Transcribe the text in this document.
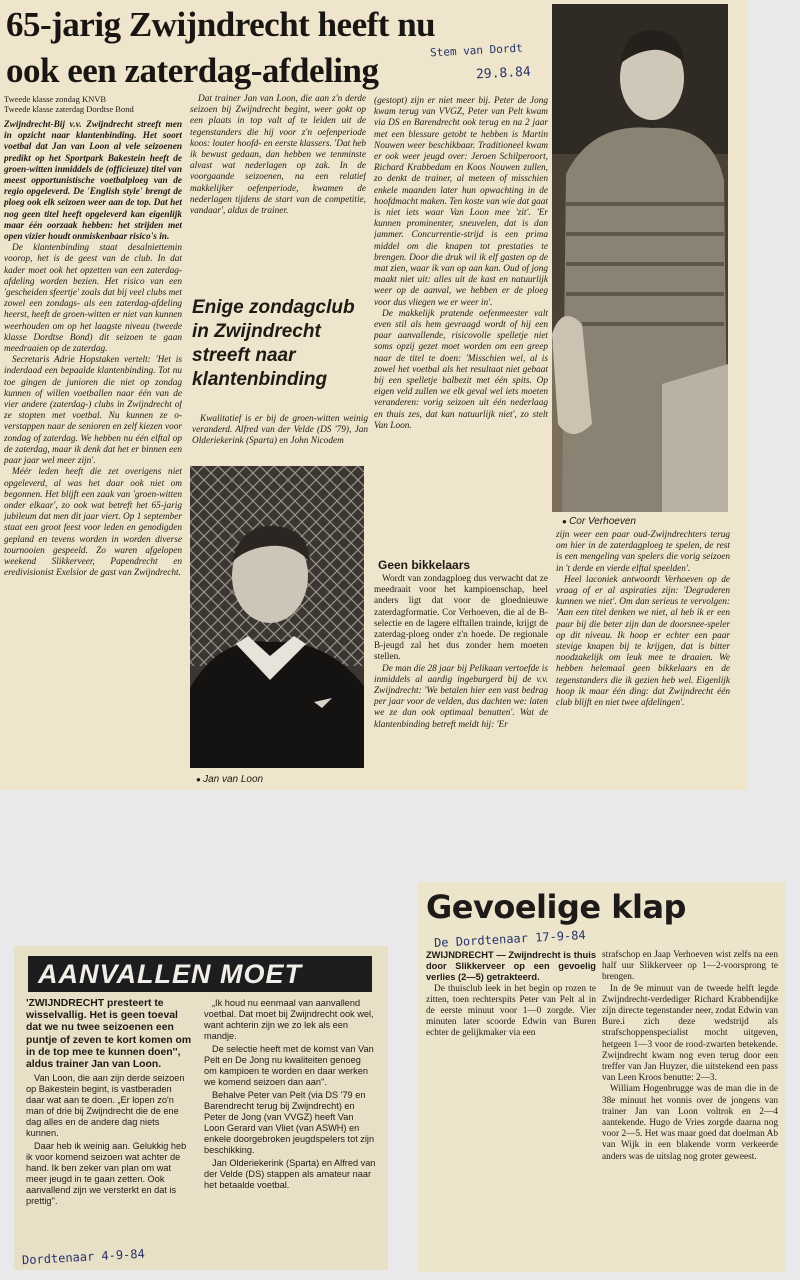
65-jarig Zwijndrecht heeft nu
ook een zaterdag-afdeling
Stem van Dordt
29.8.84
Tweede klasse zondag KNVB
Tweede klasse zaterdag Dordtse Bond

Zwijndrecht-Bij v.v. Zwijndrecht streeft men in opzicht naar klantenbinding. Het soort voetbal dat Jan van Loon al vele seizoenen predikt op het Sportpark Bakestein heeft de groen-witten inmiddels de (officieuze) titel van meest opportunistische voetbalploeg van de regio opgeleverd. De 'English style' brengt de ploeg ook elk seizoen weer aan de top. Dat het nog geen titel heeft opgeleverd kan eigenlijk maar één oorzaak hebben: het strijden met open vizier houdt onmiskenbaar risico's in.

De klantenbinding staat desalniettemin voorop, het is de geest van de club. In dat kader moet ook het opzetten van een zaterdag-afdeling worden bezien. Het risico van een 'gescheiden sfeertje' zoals dat bij veel clubs met zowel een zondags- als een zaterdag-afdeling heerst, heeft de groen-witten er niet van kunnen weerhouden om op het laagste niveau (tweede klasse Dordtse Bond) dit seizoen te gaan meedraaien op de zaterdag.

Secretaris Adrie Hopstaken vertelt: 'Het is inderdaad een bepaalde klantenbinding. Tot nu toe gingen de junioren die niet op zondag kunnen of willen voetballen naar één van de vier andere (zaterdag-) clubs in Zwijndrecht of ze stopten met voetbal. Nu kunnen ze o- verstappen naar de senioren en zelf kiezen voor zondag of zaterdag. We hebben nu één elftal op de zaterdag, maar ik denk dat het er binnen een paar jaar wel meer zijn'.

Méér leden heeft die zet overigens niet opgeleverd, al was het daar ook niet om begonnen. Het blijft een zaak van 'groen-witten onder elkaar', zo ook wat betreft het 65-jarig jubileum dat men dit jaar viert. Op 1 september staat een groot feest voor leden en genodigden gepland en tevens worden in worden diverse tournooien gespeeld. Zo waren afgelopen weekend Slikkerveer, Papendrecht en eredivisionist Exelsior de gast van Zwijndrecht.

Dat trainer Jan van Loon, die aan z'n derde seizoen bij Zwijndrecht begint, weer gokt op een plaats in top valt af te leiden uit de tegenstanders die hij voor z'n oefenperiode koos: louter hoofd- en eerste klassers. 'Dat heb ik bewust gedaan, dan hebben we tenminste alvast wat nederlagen op zak. In de voorgaande seizoenen, na een relatief makkelijker oefenperiode, kwamen de nederlagen tijdens de start van de competitie, vandaar', aldus de trainer.

Enige zondagclub
in Zwijndrecht
streeft naar
klantenbinding

Kwalitatief is er bij de groen-witten weinig veranderd. Alfred van der Velde (DS '79), Jan Olderiekerink (Sparta) en John Nicodem

● Jan van Loon

(gestopt) zijn er niet meer bij. Peter de Jong kwam terug van VVGZ, Peter van Pelt kwam via DS en Barendrecht ook terug en na 2 jaar met een blessure getobt te hebben is Martin Nouwen weer beschikbaar. Traditioneel kwam er ook weer jeugd over: Jeroen Schilperoort, Richard Krabbedam en Koos Nouwen zullen, zo denkt de trainer, al meteen of misschien enkele maanden later hun opwachting in de hoofdmacht maken. Ten koste van wie dat gaat is niet iets waar Van Loon mee 'zit'. 'Er kunnen prominenter, sneuvelen, dat is dan jammer. Concurrentie-strijd is een prima middel om die knapen tot prestaties te brengen. Door die druk wil ik elf gasten op de mat zien, waar ik van op aan kan. Oud of jong maakt niet uit: alles uit de kast en natuurlijk weer op de aanval, we hebben er de ploeg voor dus vliegen we er weer in'.

De makkelijk pratende oefenmeester valt even stil als hem gevraagd wordt of hij een paar aanvallende, risicovolle spelletje niet soms opzij gezet moet worden om een greep naar de titel te doen: 'Misschien wel, al is zowel het voetbal als het resultaat niet gebaat bij een spelletje balbezit met één spits. Op eigen veld zullen we elk geval wel iets moeten veranderen: vorig seizoen uit één nederlaag en thuis zes, dat kan natuurlijk niet', zo stelt Van Loon.

Geen bikkelaars

Wordt van zondagploeg dus verwacht dat ze meedraait voor het kampioenschap, heel anders ligt dat voor de gloednieuwe zaterdagformatie. Cor Verhoeven, die al de B-selectie en de lagere elftallen trainde, krijgt de zaterdag-ploeg onder z'n hoede. De regionale B-jeugd zal het dus zonder hem moeten stellen.

De man die 28 jaar bij Pelikaan vertoefde is inmiddels al aardig ingeburgerd bij de v.v. Zwijndrecht: 'We betalen hier een vast bedrag per jaar voor de velden, dus dachten we: laten we ze dan ook optimaal benutten'. Wat de klantenbinding betreft meldt hij: 'Er

● Cor Verhoeven

zijn weer een paar oud-Zwijndrechters terug om hier in de zaterdagploeg te spelen, de rest is een mengeling van spelers die vorig seizoen in 't derde en vierde elftal speelden'.

Heel laconiek antwoordt Verhoeven op de vraag of er al aspiraties zijn: 'Degraderen kunnen we niet'. Om dan serieus te vervolgen: 'Aan een titel denken we niet, al heb ik er een paar bij die beter zijn dan de doorsnee-speler op dit niveau. Ik hoop er echter een paar stevige knapen bij te krijgen, dat is bitter noodzakelijk om leuk mee te draaien. We hebben helemaal geen bikkelaars en de tegenstanders die ik gezien heb wel. Eigenlijk hoop ik maar één ding: dat Zwijndrecht één club blijft en niet twee afdelingen'.

AANVALLEN MOET

'ZWIJNDRECHT presteert te wisselvallig. Het is geen toeval dat we nu twee seizoenen een puntje of zeven te kort komen om in de top mee te kunnen doen'', aldus trainer Jan van Loon.

Van Loon, die aan zijn derde seizoen op Bakestein begint, is vastberaden daar wat aan te doen. „Er lopen zo'n man of drie bij Zwijndrecht die de ene dag alles en de andere dag niets kunnen.

Daar heb ik weinig aan. Gelukkig heb ik voor komend seizoen wat achter de hand. Ik ben zeker van plan om wat meer jeugd in te gaan zetten. Ook aanvallend zijn we versterkt en dat is prettig''.

„Ik houd nu eenmaal van aanvallend voetbal. Dat moet bij Zwijndrecht ook wel, want achterin zijn we zo lek als een mandje.

De selectie heeft met de komst van Van Pelt en De Jong nu kwaliteiten genoeg om kampioen te worden en daar werken we komend seizoen dan aan''.

Behalve Peter van Pelt (via DS '79 en Barendrecht terug bij Zwijndrecht) en Peter de Jong (van VVGZ) heeft Van Loon Gerard van Vliet (van ASWH) en enkele doorgebroken jeugdspelers tot zijn beschikking.

Jan Olderiekerink (Sparta) en Alfred van der Velde (DS) stappen als amateur naar het betaalde voetbal.

Dordtenaar 4-9-84
Gevoelige klap
De Dordtenaar 17-9-84

ZWIJNDRECHT — Zwijndrecht is thuis door Slikkerveer op een gevoelig verlies (2—5) getrakteerd.

De thuisclub leek in het begin op rozen te zitten, toen rechterspits Peter van Pelt al in de eerste minuut voor 1—0 zorgde. Vier minuten later scoorde Edwin van Buren echter de gelijkmaker via een

strafschop en Jaap Verhoeven wist zelfs na een half uur Slikkerveer op 1—2-voorsprong te brengen.

In de 9e minuut van de tweede helft legde Zwijndrecht-verdediger Richard Krabbendijke zijn directe tegenstander neer, zodat Edwin van Bure.i zich deze wedstrijd als strafschoppenspecialist mocht uitgeven, hetgeen 1—3 voor de rood-zwarten betekende. Zwijndrecht kwam nog even terug door een treffer van Jan Huyzer, die uitstekend een pass van Leen Kroos benutte: 2—3.

William Hogenbrugge was de man die in de 38e minuut het vonnis over de jongens van trainer Jan van Loon voltrok en 2—4 aantekende. Hugo de Vries zorgde daarna nog voor 2—5. Het was maar goed dat doelman Ab van Wijk in een blakende vorm verkeerde anders was de uitslag nog groter geweest.
